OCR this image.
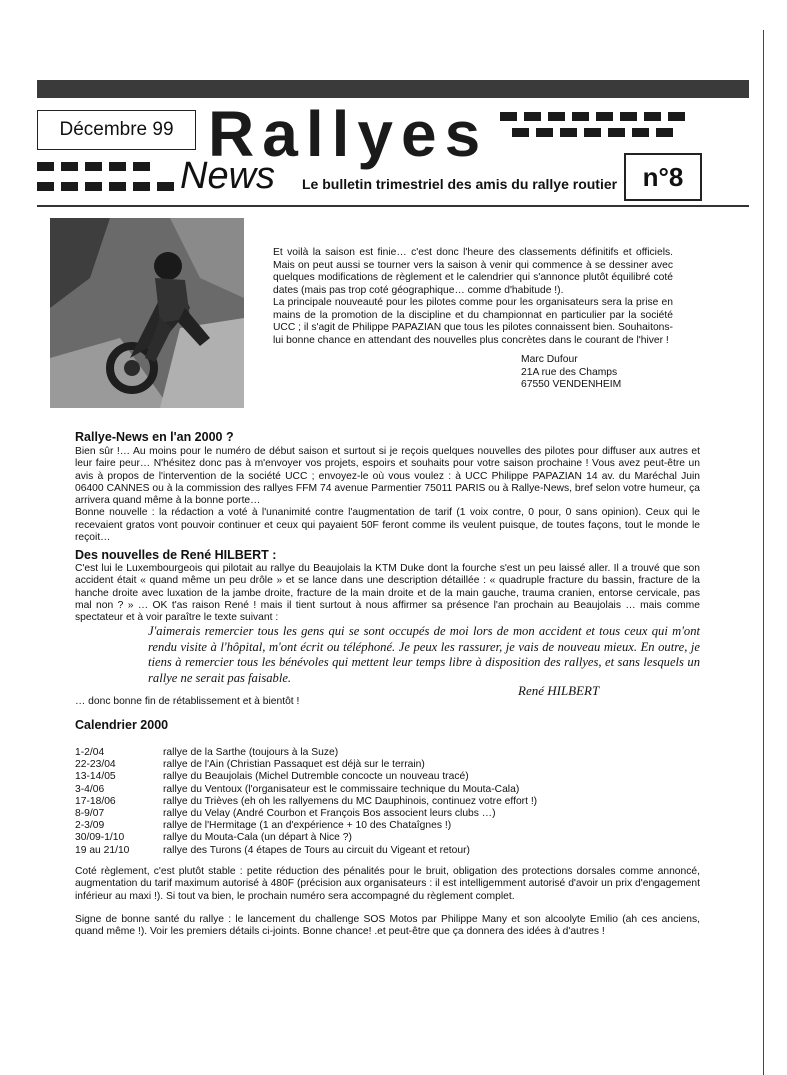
Décembre 99 Rallyes
News Le bulletin trimestriel des amis du rallye routier n°8

Et voilà la saison est finie… c'est donc l'heure des classements définitifs et officiels. Mais on peut aussi se tourner vers la saison à venir qui commence à se dessiner avec quelques modifications de règlement et le calendrier qui s'annonce plutôt équilibré coté dates (mais pas trop coté géographique… comme d'habitude !).

La principale nouveauté pour les pilotes comme pour les organisateurs sera la prise en mains de la promotion de la discipline et du championnat en particulier par la société UCC ; il s'agit de Philippe PAPAZIAN que tous les pilotes connaissent bien. Souhaitons-lui bonne chance en attendant des nouvelles plus concrètes dans le courant de l'hiver !

Marc Dufour
21A rue des Champs
67550 VENDENHEIM
Rallye-News en l'an 2000 ?

Bien sûr !… Au moins pour le numéro de début saison et surtout si je reçois quelques nouvelles des pilotes pour diffuser aux autres et leur faire peur… N'hésitez donc pas à m'envoyer vos projets, espoirs et souhaits pour votre saison prochaine ! Vous avez peut-être un avis à propos de l'intervention de la société UCC ; envoyez-le où vous voulez : à UCC Philippe PAPAZIAN 14 av. du Maréchal Juin 06400 CANNES ou à la commission des rallyes FFM 74 avenue Parmentier 75011 PARIS ou à Rallye-News, bref selon votre humeur, ça arrivera quand même à la bonne porte…

Bonne nouvelle : la rédaction a voté à l'unanimité contre l'augmentation de tarif (1 voix contre, 0 pour, 0 sans opinion). Ceux qui le recevaient gratos vont pouvoir continuer et ceux qui payaient 50F feront comme ils veulent puisque, de toutes façons, tout le monde le reçoit…

Des nouvelles de René HILBERT :

C'est lui le Luxembourgeois qui pilotait au rallye du Beaujolais la KTM Duke dont la fourche s'est un peu laissé aller. Il a trouvé que son accident était « quand même un peu drôle » et se lance dans une description détaillée : « quadruple fracture du bassin, fracture de la hanche droite avec luxation de la jambe droite, fracture de la main droite et de la main gauche, trauma cranien, entorse cervicale, pas mal non ? » … OK t'as raison René ! mais il tient surtout à nous affirmer sa présence l'an prochain au Beaujolais … mais comme spectateur et à voir paraître le texte suivant :

J'aimerais remercier tous les gens qui se sont occupés de moi lors de mon accident et tous ceux qui m'ont rendu visite à l'hôpital, m'ont écrit ou téléphoné. Je peux les rassurer, je vais de nouveau mieux. En outre, je tiens à remercier tous les bénévoles qui mettent leur temps libre à disposition des rallyes, et sans lesquels un rallye ne serait pas faisable.
René HILBERT
… donc bonne fin de rétablissement et à bientôt !
Calendrier 2000
1-2/04	rallye de la Sarthe (toujours à la Suze)
22-23/04	rallye de l'Ain (Christian Passaquet est déjà sur le terrain)
13-14/05	rallye du Beaujolais (Michel Dutremble concocte un nouveau tracé)
3-4/06	rallye du Ventoux (l'organisateur est le commissaire technique du Mouta-Cala)
17-18/06	rallye du Trièves (eh oh les rallyemens du MC Dauphinois, continuez votre effort !)
8-9/07	rallye du Velay (André Courbon et François Bos associent leurs clubs …)
2-3/09	rallye de l'Hermitage (1 an d'expérience + 10 des Chataîgnes !)
30/09-1/10	rallye du Mouta-Cala (un départ à Nice ?)
19 au 21/10	rallye des Turons (4 étapes de Tours au circuit du Vigeant et retour)

Coté règlement, c'est plutôt stable : petite réduction des pénalités pour le bruit, obligation des protections dorsales comme annoncé, augmentation du tarif maximum autorisé à 480F (précision aux organisateurs : il est intelligemment autorisé d'avoir un prix d'engagement inférieur au maxi !). Si tout va bien, le prochain numéro sera accompagné du règlement complet.

Signe de bonne santé du rallye : le lancement du challenge SOS Motos par Philippe Many et son alcoolyte Emilio (ah ces anciens, quand même !). Voir les premiers détails ci-joints. Bonne chance! .et peut-être que ça donnera des idées à d'autres !
